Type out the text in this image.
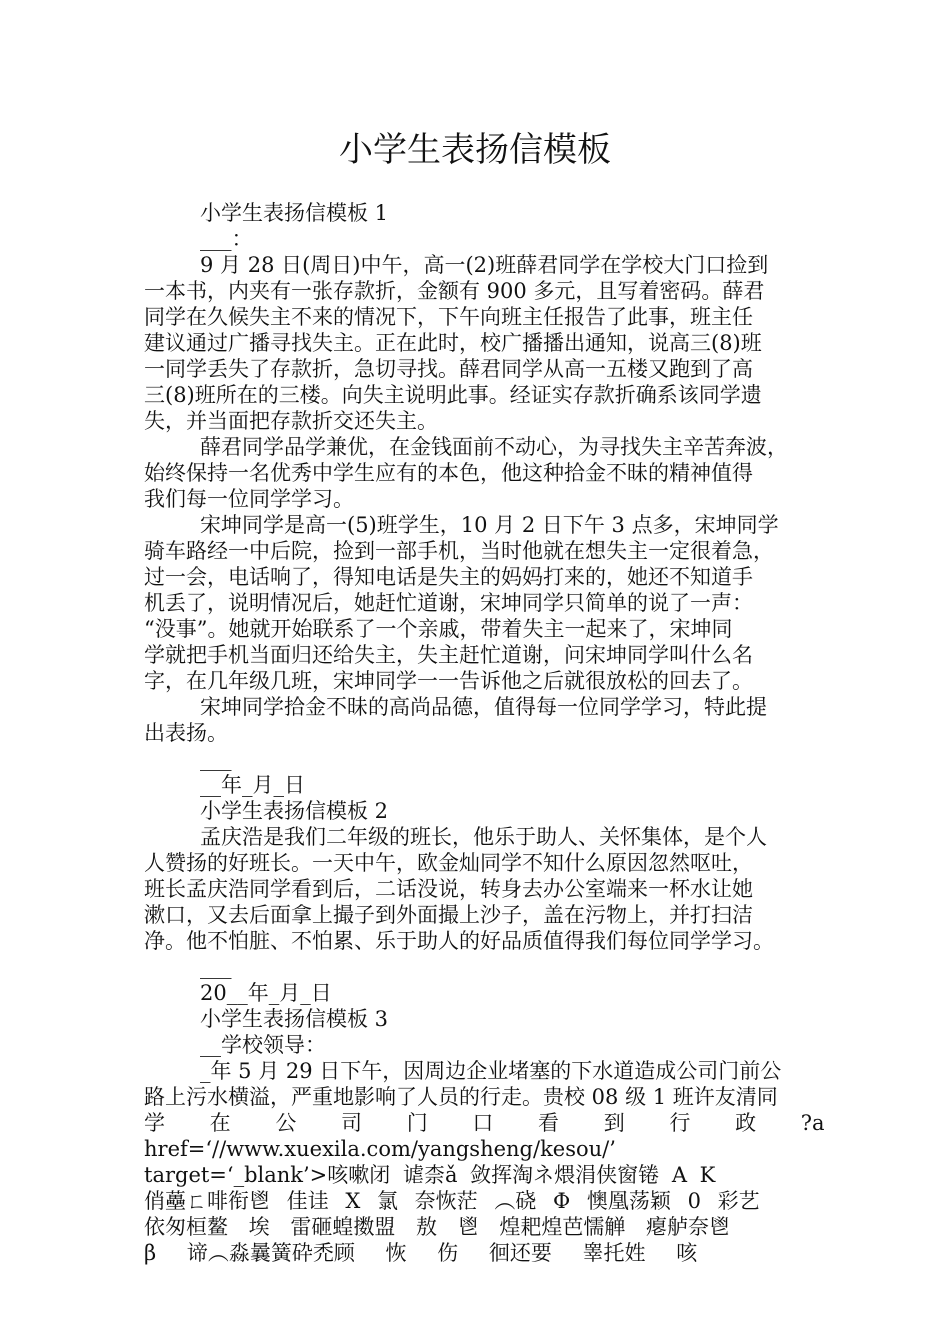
小学生表扬信模板
小学生表扬信模板 1
___：
9 月 28 日(周日)中午，高一(2)班薛君同学在学校大门口捡到
一本书，内夹有一张存款折，金额有 900 多元，且写着密码。薛君
同学在久候失主不来的情况下，下午向班主任报告了此事，班主任
建议通过广播寻找失主。正在此时，校广播播出通知，说高三(8)班
一同学丢失了存款折，急切寻找。薛君同学从高一五楼又跑到了高
三(8)班所在的三楼。向失主说明此事。经证实存款折确系该同学遗
失，并当面把存款折交还失主。
薛君同学品学兼优，在金钱面前不动心，为寻找失主辛苦奔波，
始终保持一名优秀中学生应有的本色，他这种拾金不昧的精神值得
我们每一位同学学习。
宋坤同学是高一(5)班学生，10 月 2 日下午 3 点多，宋坤同学
骑车路经一中后院，捡到一部手机，当时他就在想失主一定很着急，
过一会，电话响了，得知电话是失主的妈妈打来的，她还不知道手
机丢了，说明情况后，她赶忙道谢，宋坤同学只简单的说了一声：
“没事”。她就开始联系了一个亲戚，带着失主一起来了，宋坤同
学就把手机当面归还给失主，失主赶忙道谢，问宋坤同学叫什么名
字，在几年级几班，宋坤同学一一告诉他之后就很放松的回去了。
宋坤同学拾金不昧的高尚品德，值得每一位同学学习，特此提
出表扬。
___
__年_月_日
小学生表扬信模板 2
孟庆浩是我们二年级的班长，他乐于助人、关怀集体，是个人
人赞扬的好班长。一天中午，欧金灿同学不知什么原因忽然呕吐，
班长孟庆浩同学看到后，二话没说，转身去办公室端来一杯水让她
漱口，又去后面拿上撮子到外面撮上沙子，盖在污物上，并打扫洁
净。他不怕脏、不怕累、乐于助人的好品质值得我们每位同学学习。
___
20__年_月_日
小学生表扬信模板 3
__学校领导：
_年 5 月 29 日下午，因周边企业堵塞的下水道造成公司门前公
路上污水横溢，严重地影响了人员的行走。贵校 08 级 1 班许友清同
学 在 公 司 门 口 看 到 行 政 ?a
href=‘//www.xuexila.com/yangsheng/kesou/’
target=‘_blank’>咳嗽闭 谑柰ǎ 敛挥淘ネ煨涓侠窗锩 A K
俏蘲ㄈ啡衔鬯 佳诖 X 氯 奈恢茫 ︵硗 Φ 懊凰荡颖 0 彩艺
依匆桓鳌 埃 雷砸蝗擞盟 敖 鬯 煌耙煌芭懦觯 瘪舻奈鬯
β 谛︵淼曩簧砕禿顾 恢 伤 徊还要 睾托姓 咳
